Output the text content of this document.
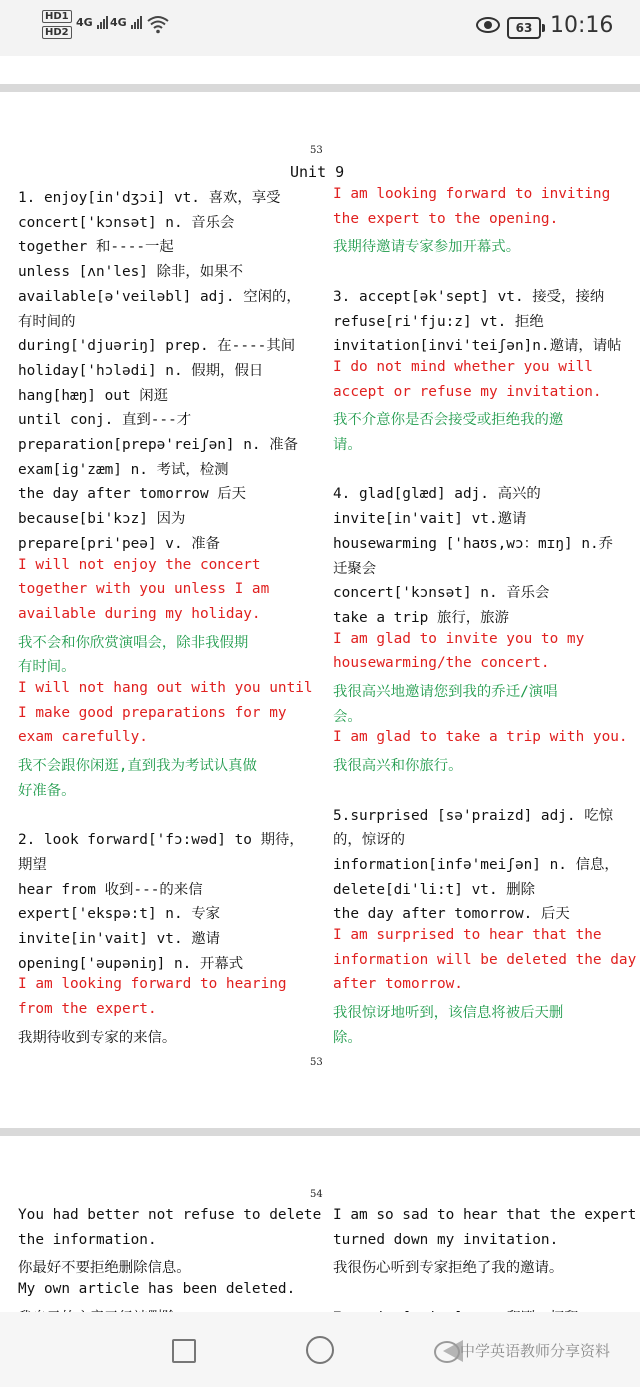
HD1
HD2
4G	4G	63 10:16
53
Unit 9
1. enjoy[in'dʒɔi] vt. 喜欢，享受
concert['kɔnsət] n. 音乐会
together 和----一起
unless [ʌn'les] 除非，如果不
available[ə'veiləbl] adj. 空闲的，
有时间的
during['djuəriŋ] prep. 在----其间
holiday['hɔlədi] n. 假期，假日
hang[hæŋ] out 闲逛
until conj. 直到---才
preparation[prepə'reiʃən] n. 准备
exam[ig'zæm] n. 考试，检测
the day after tomorrow 后天
because[bi'kɔz] 因为
prepare[pri'peə] v. 准备
I will not enjoy the concert
together with you unless I am
available during my holiday.
我不会和你欣赏演唱会，除非我假期
有时间。
I will not hang out with you until
I make good preparations for my
exam carefully.
我不会跟你闲逛,直到我为考试认真做
好准备。
2. look forward['fɔ:wəd] to 期待，
期望
hear from 收到---的来信
expert['ekspə:t] n. 专家
invite[in'vait] vt. 邀请
opening['əupəniŋ] n. 开幕式
I am looking forward to hearing
from the expert.
我期待收到专家的来信。
I am looking forward to inviting
the expert to the opening.
我期待邀请专家参加开幕式。
3. accept[ək'sept] vt. 接受，接纳
refuse[ri'fju:z] vt. 拒绝
invitation[invi'teiʃən]n.邀请，请帖
I do not mind whether you will
accept or refuse my invitation.
我不介意你是否会接受或拒绝我的邀
请。
4. glad[glæd] adj. 高兴的
invite[in'vait] vt.邀请
housewarming ['haʊs,wɔ：mɪŋ] n.乔
迁聚会
concert['kɔnsət] n. 音乐会
take a trip 旅行，旅游
I am glad to invite you to my
housewarming/the concert.
我很高兴地邀请您到我的乔迁/演唱
会。
I am glad to take a trip with you.
我很高兴和你旅行。
5.surprised [sə'praizd] adj. 吃惊
的，惊讶的
information[infə'meiʃən] n. 信息，
delete[di'li:t] vt. 删除
the day after tomorrow. 后天
I am surprised to hear that the
information will be deleted the day
after tomorrow.
我很惊讶地听到，该信息将被后天删
除。
53
54
You had better not refuse to delete
the information.
你最好不要拒绝删除信息。
My own article has been deleted.
I am so sad to hear that the expert
turned down my invitation.
我很伤心听到专家拒绝了我的邀请。
中学英语教师分享资料
